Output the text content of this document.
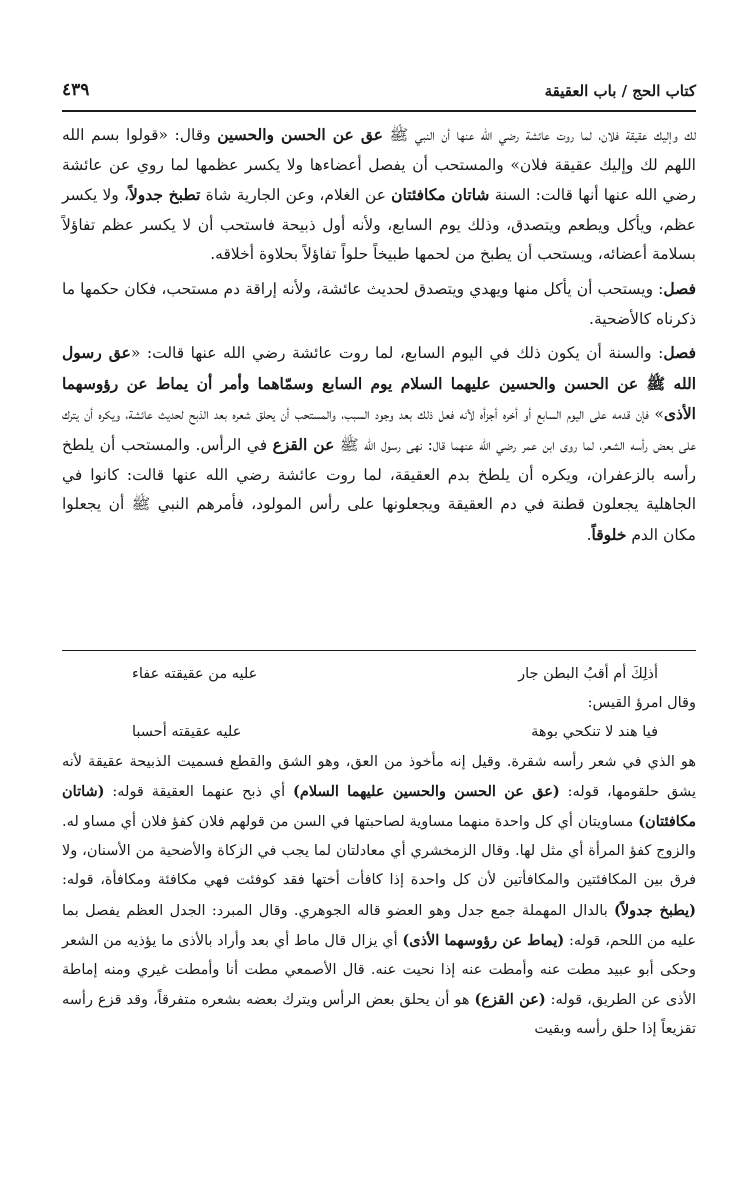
كتاب الحج / باب العقيقة
٤٣٩

لك وإليك عقيقة فلان، لما روت عائشة رضي الله عنها أن النبي ﷺ عق عن الحسن والحسين وقال: «قولوا بسم الله اللهم لك وإليك عقيقة فلان» والمستحب أن يفصل أعضاءها ولا يكسر عظمها لما روي عن عائشة رضي الله عنها أنها قالت: السنة شاتان مكافئتان عن الغلام، وعن الجارية شاة تطبخ جدولاً، ولا يكسر عظم، ويأكل ويطعم ويتصدق، وذلك يوم السابع، ولأنه أول ذبيحة فاستحب أن لا يكسر عظم تفاؤلاً بسلامة أعضائه، ويستحب أن يطبخ من لحمها طبيخاً حلواً تفاؤلاً بحلاوة أخلاقه.

فصل: ويستحب أن يأكل منها ويهدي ويتصدق لحديث عائشة، ولأنه إراقة دم مستحب، فكان حكمها ما ذكرناه كالأضحية.

فصل: والسنة أن يكون ذلك في اليوم السابع، لما روت عائشة رضي الله عنها قالت: «عق رسول الله ﷺ عن الحسن والحسين عليهما السلام يوم السابع وسمّاهما وأمر أن يماط عن رؤوسهما الأذى» فإن قدمه على اليوم السابع أو أخره أجزأه لأنه فعل ذلك بعد وجود السبب، والمستحب أن يحلق شعره بعد الذبح لحديث عائشة، ويكره أن يترك على بعض رأسه الشعر، لما روى ابن عمر رضي الله عنهما قال: نهى رسول الله ﷺ عن القزع في الرأس. والمستحب أن يلطخ رأسه بالزعفران، ويكره أن يلطخ بدم العقيقة، لما روت عائشة رضي الله عنها قالت: كانوا في الجاهلية يجعلون قطنة في دم العقيقة ويجعلونها على رأس المولود، فأمرهم النبي ﷺ أن يجعلوا مكان الدم خلوقاً.

أذلِكَ أم أقبُ البطن جار
عليه من عقيقته عفاء

وقال امرؤ القيس:

فيا هند لا تنكحي بوهة
عليه عقيقته أحسبا

هو الذي في شعر رأسه شقرة. وقيل إنه مأخوذ من العق، وهو الشق والقطع فسميت الذبيحة عقيقة لأنه يشق حلقومها، قوله: (عق عن الحسن والحسين عليهما السلام) أي ذبح عنهما العقيقة قوله: (شاتان مكافئتان) مساويتان أي كل واحدة منهما مساوية لصاحبتها في السن من قولهم فلان كفؤ فلان أي مساو له. والزوج كفؤ المرأة أي مثل لها. وقال الزمخشري أي معادلتان لما يجب في الزكاة والأضحية من الأسنان، ولا فرق بين المكافئتين والمكافأتين لأن كل واحدة إذا كافأت أختها فقد كوفئت فهي مكافئة ومكافأة، قوله: (يطبخ جدولاً) بالدال المهملة جمع جدل وهو العضو قاله الجوهري. وقال المبرد: الجدل العظم يفصل بما عليه من اللحم، قوله: (يماط عن رؤوسهما الأذى) أي يزال قال ماط أي بعد وأراد بالأذى ما يؤذيه من الشعر وحكى أبو عبيد مطت عنه وأمطت عنه إذا نحيت عنه. قال الأصمعي مطت أنا وأمطت غيري ومنه إماطة الأذى عن الطريق، قوله: (عن القزع) هو أن يحلق بعض الرأس ويترك بعضه بشعره متفرقاً، وقد قزع رأسه تقزيعاً إذا حلق رأسه وبقيت
